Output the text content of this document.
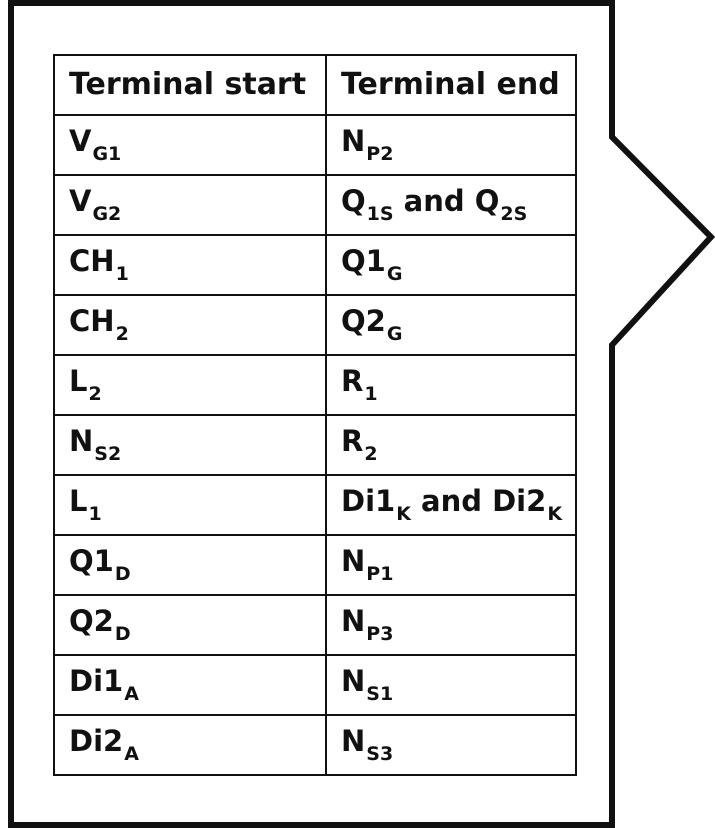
Terminal start	Terminal end
$V_{G1}$	$N_{P2}$
$V_{G2}$	$Q_{1S}$ and $Q_{2S}$
$CH_1$	$Q1_G$
$CH_2$	$Q2_G$
$L_2$	$R_1$
$N_{S2}$	$R_2$
$L_1$	$Di1_K$ and $Di2_K$
$Q1_D$	$N_{P1}$
$Q2_D$	$N_{P3}$
$Di1_A$	$N_{S1}$
$Di2_A$	$N_{S3}$
